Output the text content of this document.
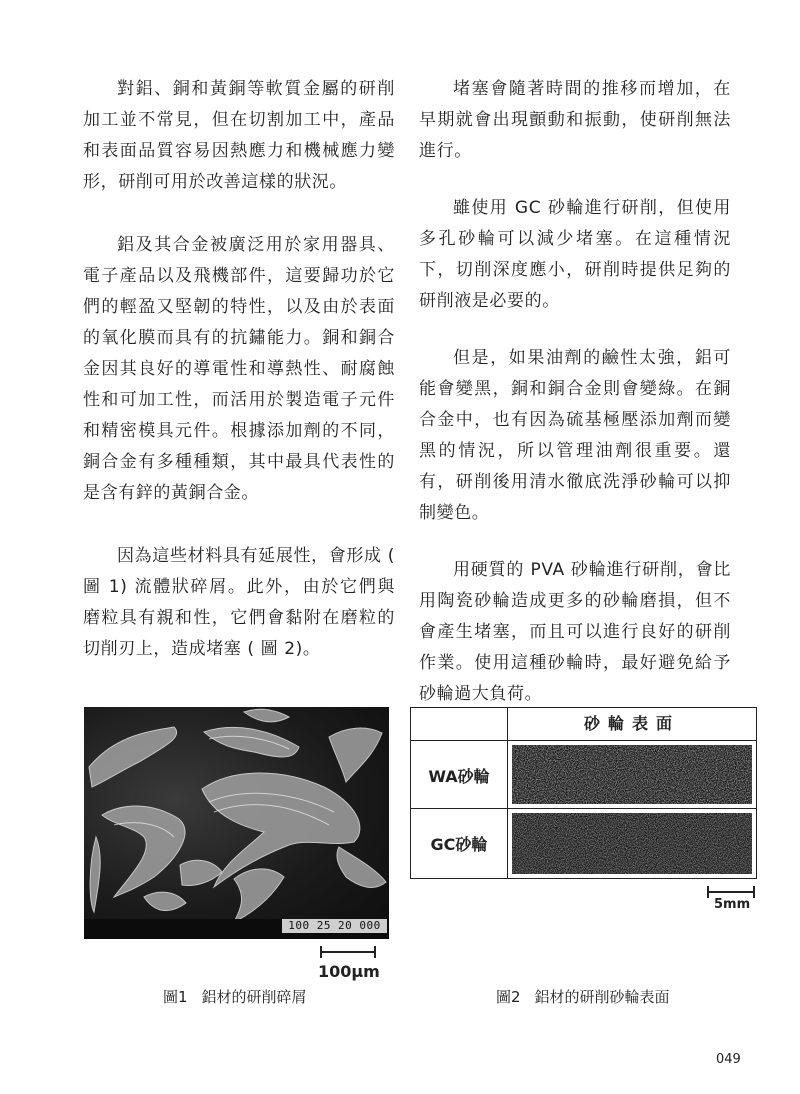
對鋁、銅和黃銅等軟質金屬的研削加工並不常見，但在切割加工中，產品和表面品質容易因熱應力和機械應力變形，研削可用於改善這樣的狀況。

鋁及其合金被廣泛用於家用器具、電子產品以及飛機部件，這要歸功於它們的輕盈又堅韌的特性，以及由於表面的氧化膜而具有的抗鏽能力。銅和銅合金因其良好的導電性和導熱性、耐腐蝕性和可加工性，而活用於製造電子元件和精密模具元件。根據添加劑的不同，銅合金有多種種類，其中最具代表性的是含有鋅的黃銅合金。

因為這些材料具有延展性，會形成 ( 圖 1) 流體狀碎屑。此外，由於它們與磨粒具有親和性，它們會黏附在磨粒的切削刃上，造成堵塞 ( 圖 2)。

堵塞會隨著時間的推移而增加，在早期就會出現顫動和振動，使研削無法進行。

雖使用 GC 砂輪進行研削，但使用多孔砂輪可以減少堵塞。在這種情況下，切削深度應小，研削時提供足夠的研削液是必要的。

但是，如果油劑的鹼性太強，鋁可能會變黑，銅和銅合金則會變綠。在銅合金中，也有因為硫基極壓添加劑而變黑的情況，所以管理油劑很重要。還有，研削後用清水徹底洗淨砂輪可以抑制變色。

用硬質的 PVA 砂輪進行研削，會比用陶瓷砂輪造成更多的砂輪磨損，但不會產生堵塞，而且可以進行良好的研削作業。使用這種砂輪時，最好避免給予砂輪過大負荷。

100 25 20 000
100μm
砂輪表面
WA砂輪
GC砂輪
5mm
圖1 鋁材的研削碎屑	圖2 鋁材的研削砂輪表面
049
